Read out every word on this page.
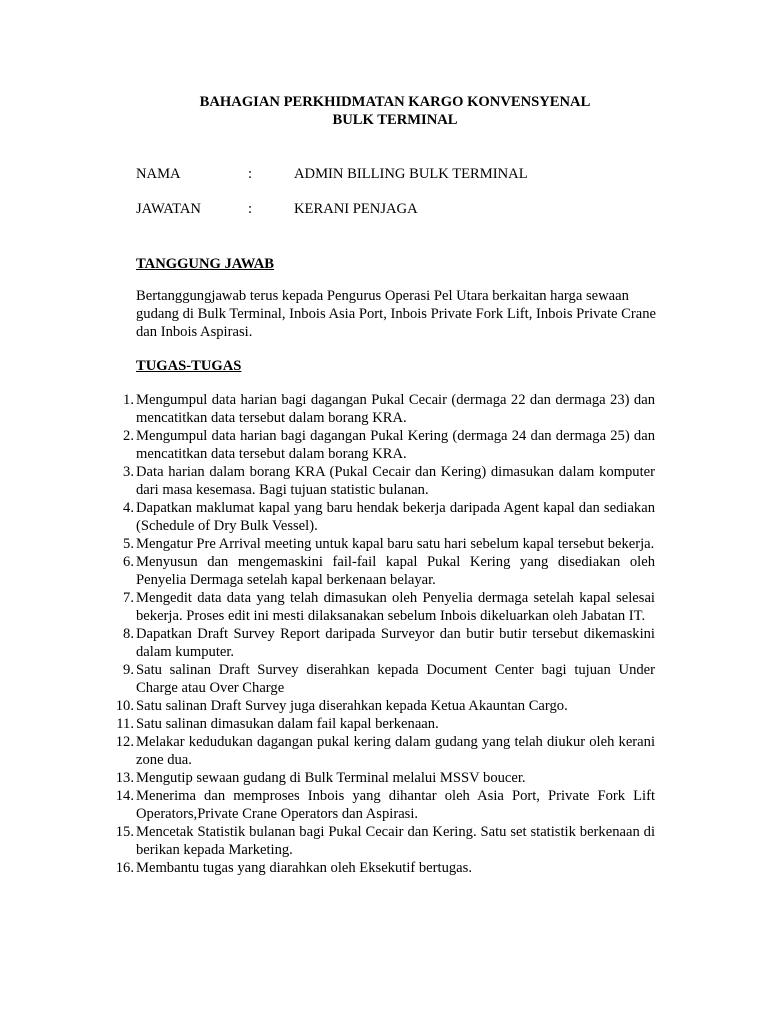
BAHAGIAN PERKHIDMATAN KARGO KONVENSYENAL
BULK TERMINAL
NAMA	:	ADMIN BILLING BULK TERMINAL
JAWATAN	:	KERANI PENJAGA
TANGGUNG JAWAB
Bertanggungjawab terus kepada Pengurus Operasi Pel Utara berkaitan harga sewaan gudang di Bulk Terminal, Inbois Asia Port, Inbois Private Fork Lift, Inbois Private Crane dan Inbois Aspirasi.
TUGAS-TUGAS
1. Mengumpul data harian bagi dagangan Pukal Cecair (dermaga 22 dan dermaga 23) dan mencatitkan data tersebut dalam borang KRA.
2. Mengumpul data harian bagi dagangan Pukal Kering (dermaga 24 dan dermaga 25) dan mencatitkan data tersebut dalam borang KRA.
3. Data harian dalam borang KRA (Pukal Cecair dan Kering) dimasukan dalam komputer dari masa kesemasa. Bagi tujuan statistic bulanan.
4. Dapatkan maklumat kapal yang baru hendak bekerja daripada Agent kapal dan sediakan (Schedule of Dry Bulk Vessel).
5. Mengatur Pre Arrival meeting untuk kapal baru satu hari sebelum kapal tersebut bekerja.
6. Menyusun dan mengemaskini fail-fail kapal Pukal Kering yang disediakan oleh Penyelia Dermaga setelah kapal berkenaan belayar.
7. Mengedit data data yang telah dimasukan oleh Penyelia dermaga setelah kapal selesai bekerja. Proses edit ini mesti dilaksanakan sebelum Inbois dikeluarkan oleh Jabatan IT.
8. Dapatkan Draft Survey Report daripada Surveyor dan butir butir tersebut dikemaskini dalam kumputer.
9. Satu salinan Draft Survey diserahkan kepada Document Center bagi tujuan Under Charge atau Over Charge
10. Satu salinan Draft Survey juga diserahkan kepada Ketua Akauntan Cargo.
11. Satu salinan dimasukan dalam fail kapal berkenaan.
12. Melakar kedudukan dagangan pukal kering dalam gudang yang telah diukur oleh kerani zone dua.
13. Mengutip sewaan gudang di Bulk Terminal melalui MSSV boucer.
14. Menerima dan memproses Inbois yang dihantar oleh Asia Port, Private Fork Lift Operators,Private Crane Operators dan Aspirasi.
15. Mencetak Statistik bulanan bagi Pukal Cecair dan Kering. Satu set statistik berkenaan di berikan kepada Marketing.
16. Membantu tugas yang diarahkan oleh Eksekutif bertugas.
